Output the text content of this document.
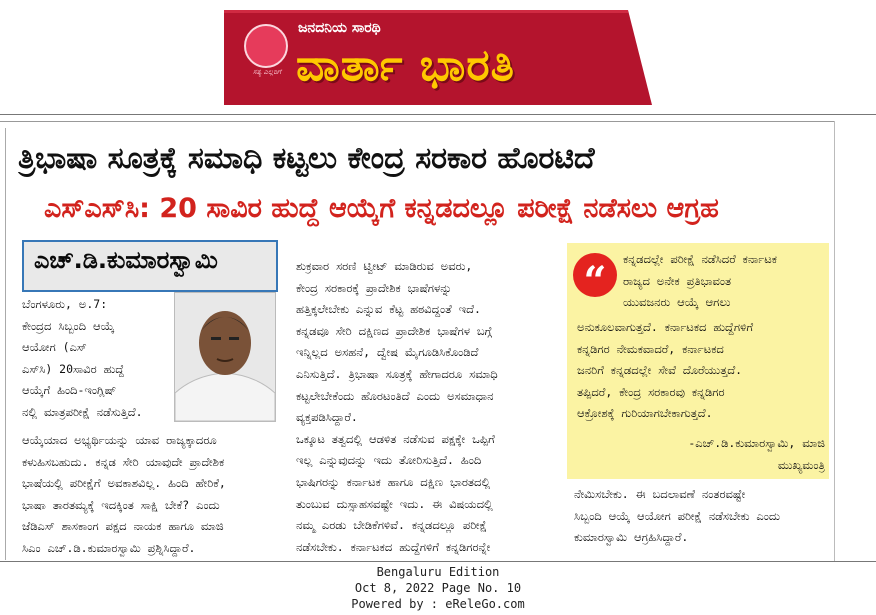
ಸತ್ಯ ಎಲ್ಲರಿಗೆ
ಜನದನಿಯ ಸಾರಥಿ
ವಾರ್ತಾ ಭಾರತಿ
ತ್ರಿಭಾಷಾ ಸೂತ್ರಕ್ಕೆ ಸಮಾಧಿ ಕಟ್ಟಲು ಕೇಂದ್ರ ಸರಕಾರ ಹೊರಟಿದೆ
ಎಸ್‌ಎಸ್‌ಸಿ: 20 ಸಾವಿರ ಹುದ್ದೆ ಆಯ್ಕೆಗೆ ಕನ್ನಡದಲ್ಲೂ ಪರೀಕ್ಷೆ ನಡೆಸಲು ಆಗ್ರಹ
ಎಚ್.ಡಿ.ಕುಮಾರಸ್ವಾಮಿ
ಬೆಂಗಳೂರು, ಅ.7:
ಕೇಂದ್ರದ ಸಿಬ್ಬಂದಿ ಆಯ್ಕೆ
ಆಯೋಗ (ಎಸ್
ಎಸ್‌ಸಿ) 20ಸಾವಿರ ಹುದ್ದೆ
ಆಯ್ಕೆಗೆ ಹಿಂದಿ-ಇಂಗ್ಲಿಷ್
ನಲ್ಲಿ ಮಾತ್ರಪರೀಕ್ಷೆ ನಡೆಸುತ್ತಿದೆ.
ಆಯ್ಕೆಯಾದ ಅಭ್ಯರ್ಥಿಯನ್ನು ಯಾವ ರಾಜ್ಯಕ್ಕಾದರೂ
ಕಳುಹಿಸಬಹುದು. ಕನ್ನಡ ಸೇರಿ ಯಾವುದೇ ಪ್ರಾದೇಶಿಕ
ಭಾಷೆಯಲ್ಲಿ ಪರೀಕ್ಷೆಗೆ ಅವಕಾಶವಿಲ್ಲ. ಹಿಂದಿ ಹೇರಿಕೆ,
ಭಾಷಾ ತಾರತಮ್ಯಕ್ಕೆ ಇದಕ್ಕಿಂತ ಸಾಕ್ಷಿ ಬೇಕೆ? ಎಂದು
ಜೆಡಿಎಸ್ ಶಾಸಕಾಂಗ ಪಕ್ಷದ ನಾಯಕ ಹಾಗೂ ಮಾಜಿ
ಸಿಎಂ ಎಚ್.ಡಿ.ಕುಮಾರಸ್ವಾಮಿ ಪ್ರಶ್ನಿಸಿದ್ದಾರೆ.
ಶುಕ್ರವಾರ ಸರಣಿ ಟ್ವೀಟ್ ಮಾಡಿರುವ ಅವರು,
ಕೇಂದ್ರ ಸರಕಾರಕ್ಕೆ ಪ್ರಾದೇಶಿಕ ಭಾಷೆಗಳನ್ನು
ಹತ್ತಿಕ್ಕಲೇಬೇಕು ಎನ್ನುವ ಕೆಟ್ಟ ಹಠವಿದ್ದಂತೆ ಇದೆ.
ಕನ್ನಡವೂ ಸೇರಿ ದಕ್ಷಿಣದ ಪ್ರಾದೇಶಿಕ ಭಾಷೆಗಳ ಬಗ್ಗೆ
ಇನ್ನಿಲ್ಲದ ಅಸಹನೆ, ದ್ವೇಷ ಮೈಗೂಡಿಸಿಕೊಂಡಿದೆ
ಎನಿಸುತ್ತಿದೆ. ತ್ರಿಭಾಷಾ ಸೂತ್ರಕ್ಕೆ ಹೇಗಾದರೂ ಸಮಾಧಿ
ಕಟ್ಟಲೇಬೇಕೆಂದು ಹೊರಟಂತಿದೆ ಎಂದು ಅಸಮಾಧಾನ
ವ್ಯಕ್ತಪಡಿಸಿದ್ದಾರೆ.
ಒಕ್ಕೂಟ ತತ್ವದಲ್ಲಿ ಆಡಳಿತ ನಡೆಸುವ ಪಕ್ಷಕ್ಕೇ ಒಪ್ಪಿಗೆ
ಇಲ್ಲ ಎನ್ನುವುದನ್ನು ಇದು ತೋರಿಸುತ್ತಿದೆ. ಹಿಂದಿ
ಭಾಷಿಗರನ್ನು ಕರ್ನಾಟಕ ಹಾಗೂ ದಕ್ಷಿಣ ಭಾರತದಲ್ಲಿ
ತುಂಬುವ ದುಸ್ಸಾಹಸವಷ್ಟೇ ಇದು. ಈ ವಿಷಯದಲ್ಲಿ
ನಮ್ಮ ಎರಡು ಬೇಡಿಕೆಗಳಿವೆ. ಕನ್ನಡದಲ್ಲೂ ಪರೀಕ್ಷೆ
ನಡೆಸಬೇಕು. ಕರ್ನಾಟಕದ ಹುದ್ದೆಗಳಿಗೆ ಕನ್ನಡಿಗರನ್ನೇ
“	ಕನ್ನಡದಲ್ಲೇ ಪರೀಕ್ಷೆ ನಡೆಸಿದರೆ ಕರ್ನಾಟಕ
ರಾಜ್ಯದ ಅನೇಕ ಪ್ರತಿಭಾವಂತ
ಯುವಜನರು ಆಯ್ಕೆ ಆಗಲು
ಅನುಕೂಲವಾಗುತ್ತದೆ. ಕರ್ನಾಟಕದ ಹುದ್ದೆಗಳಿಗೆ
ಕನ್ನಡಿಗರ ನೇಮಕವಾದರೆ, ಕರ್ನಾಟಕದ
ಜನರಿಗೆ ಕನ್ನಡದಲ್ಲೇ ಸೇವೆ ದೊರೆಯುತ್ತದೆ.
ತಪ್ಪಿದರೆ, ಕೇಂದ್ರ ಸರಕಾರವು ಕನ್ನಡಿಗರ
ಆಕ್ರೋಶಕ್ಕೆ ಗುರಿಯಾಗಬೇಕಾಗುತ್ತದೆ.
-ಎಚ್.ಡಿ.ಕುಮಾರಸ್ವಾಮಿ, ಮಾಜಿ
ಮುಖ್ಯಮಂತ್ರಿ
ನೇಮಿಸಬೇಕು. ಈ ಬದಲಾವಣೆ ನಂತರವಷ್ಟೇ
ಸಿಬ್ಬಂದಿ ಆಯ್ಕೆ ಆಯೋಗ ಪರೀಕ್ಷೆ ನಡೆಸಬೇಕು ಎಂದು
ಕುಮಾರಸ್ವಾಮಿ ಆಗ್ರಹಿಸಿದ್ದಾರೆ.
Bengaluru Edition
Oct 8, 2022 Page No. 10
Powered by : eReleGo.com
